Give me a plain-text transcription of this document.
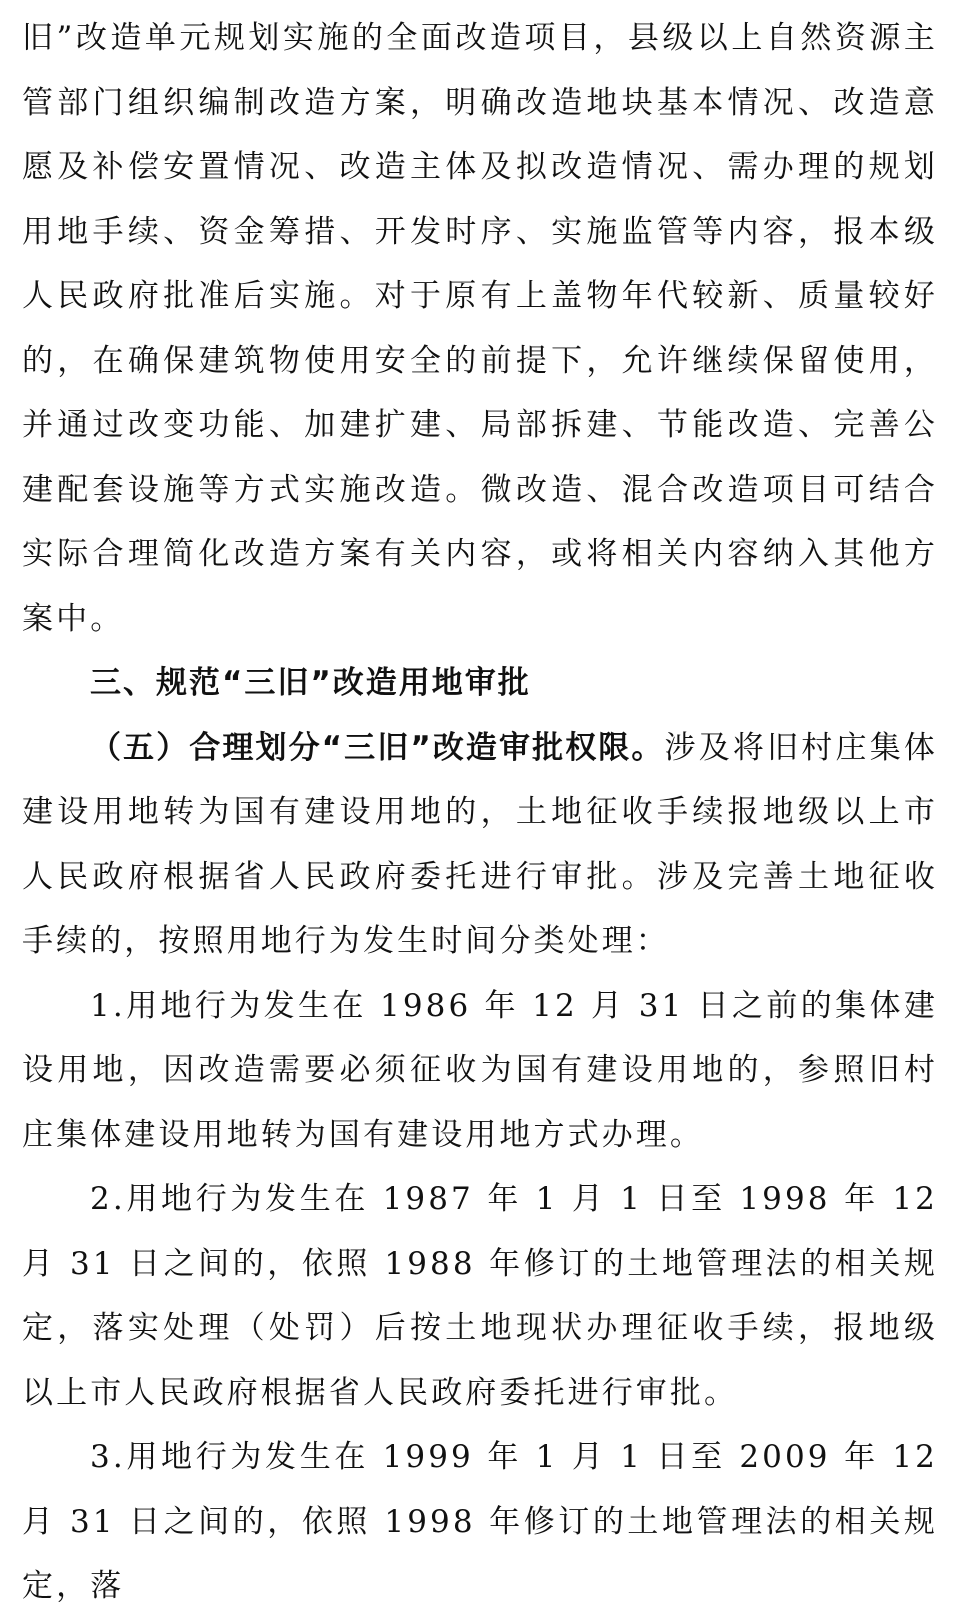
旧”改造单元规划实施的全面改造项目，县级以上自然资源主管部门组织编制改造方案，明确改造地块基本情况、改造意愿及补偿安置情况、改造主体及拟改造情况、需办理的规划用地手续、资金筹措、开发时序、实施监管等内容，报本级人民政府批准后实施。对于原有上盖物年代较新、质量较好的，在确保建筑物使用安全的前提下，允许继续保留使用，并通过改变功能、加建扩建、局部拆建、节能改造、完善公建配套设施等方式实施改造。微改造、混合改造项目可结合实际合理简化改造方案有关内容，或将相关内容纳入其他方案中。

三、规范“三旧”改造用地审批

（五）合理划分“三旧”改造审批权限。涉及将旧村庄集体建设用地转为国有建设用地的，土地征收手续报地级以上市人民政府根据省人民政府委托进行审批。涉及完善土地征收手续的，按照用地行为发生时间分类处理：

1.用地行为发生在 1986 年 12 月 31 日之前的集体建设用地，因改造需要必须征收为国有建设用地的，参照旧村庄集体建设用地转为国有建设用地方式办理。

2.用地行为发生在 1987 年 1 月 1 日至 1998 年 12 月 31 日之间的，依照 1988 年修订的土地管理法的相关规定，落实处理（处罚）后按土地现状办理征收手续，报地级以上市人民政府根据省人民政府委托进行审批。

3.用地行为发生在 1999 年 1 月 1 日至 2009 年 12 月 31 日之间的，依照 1998 年修订的土地管理法的相关规定，落
